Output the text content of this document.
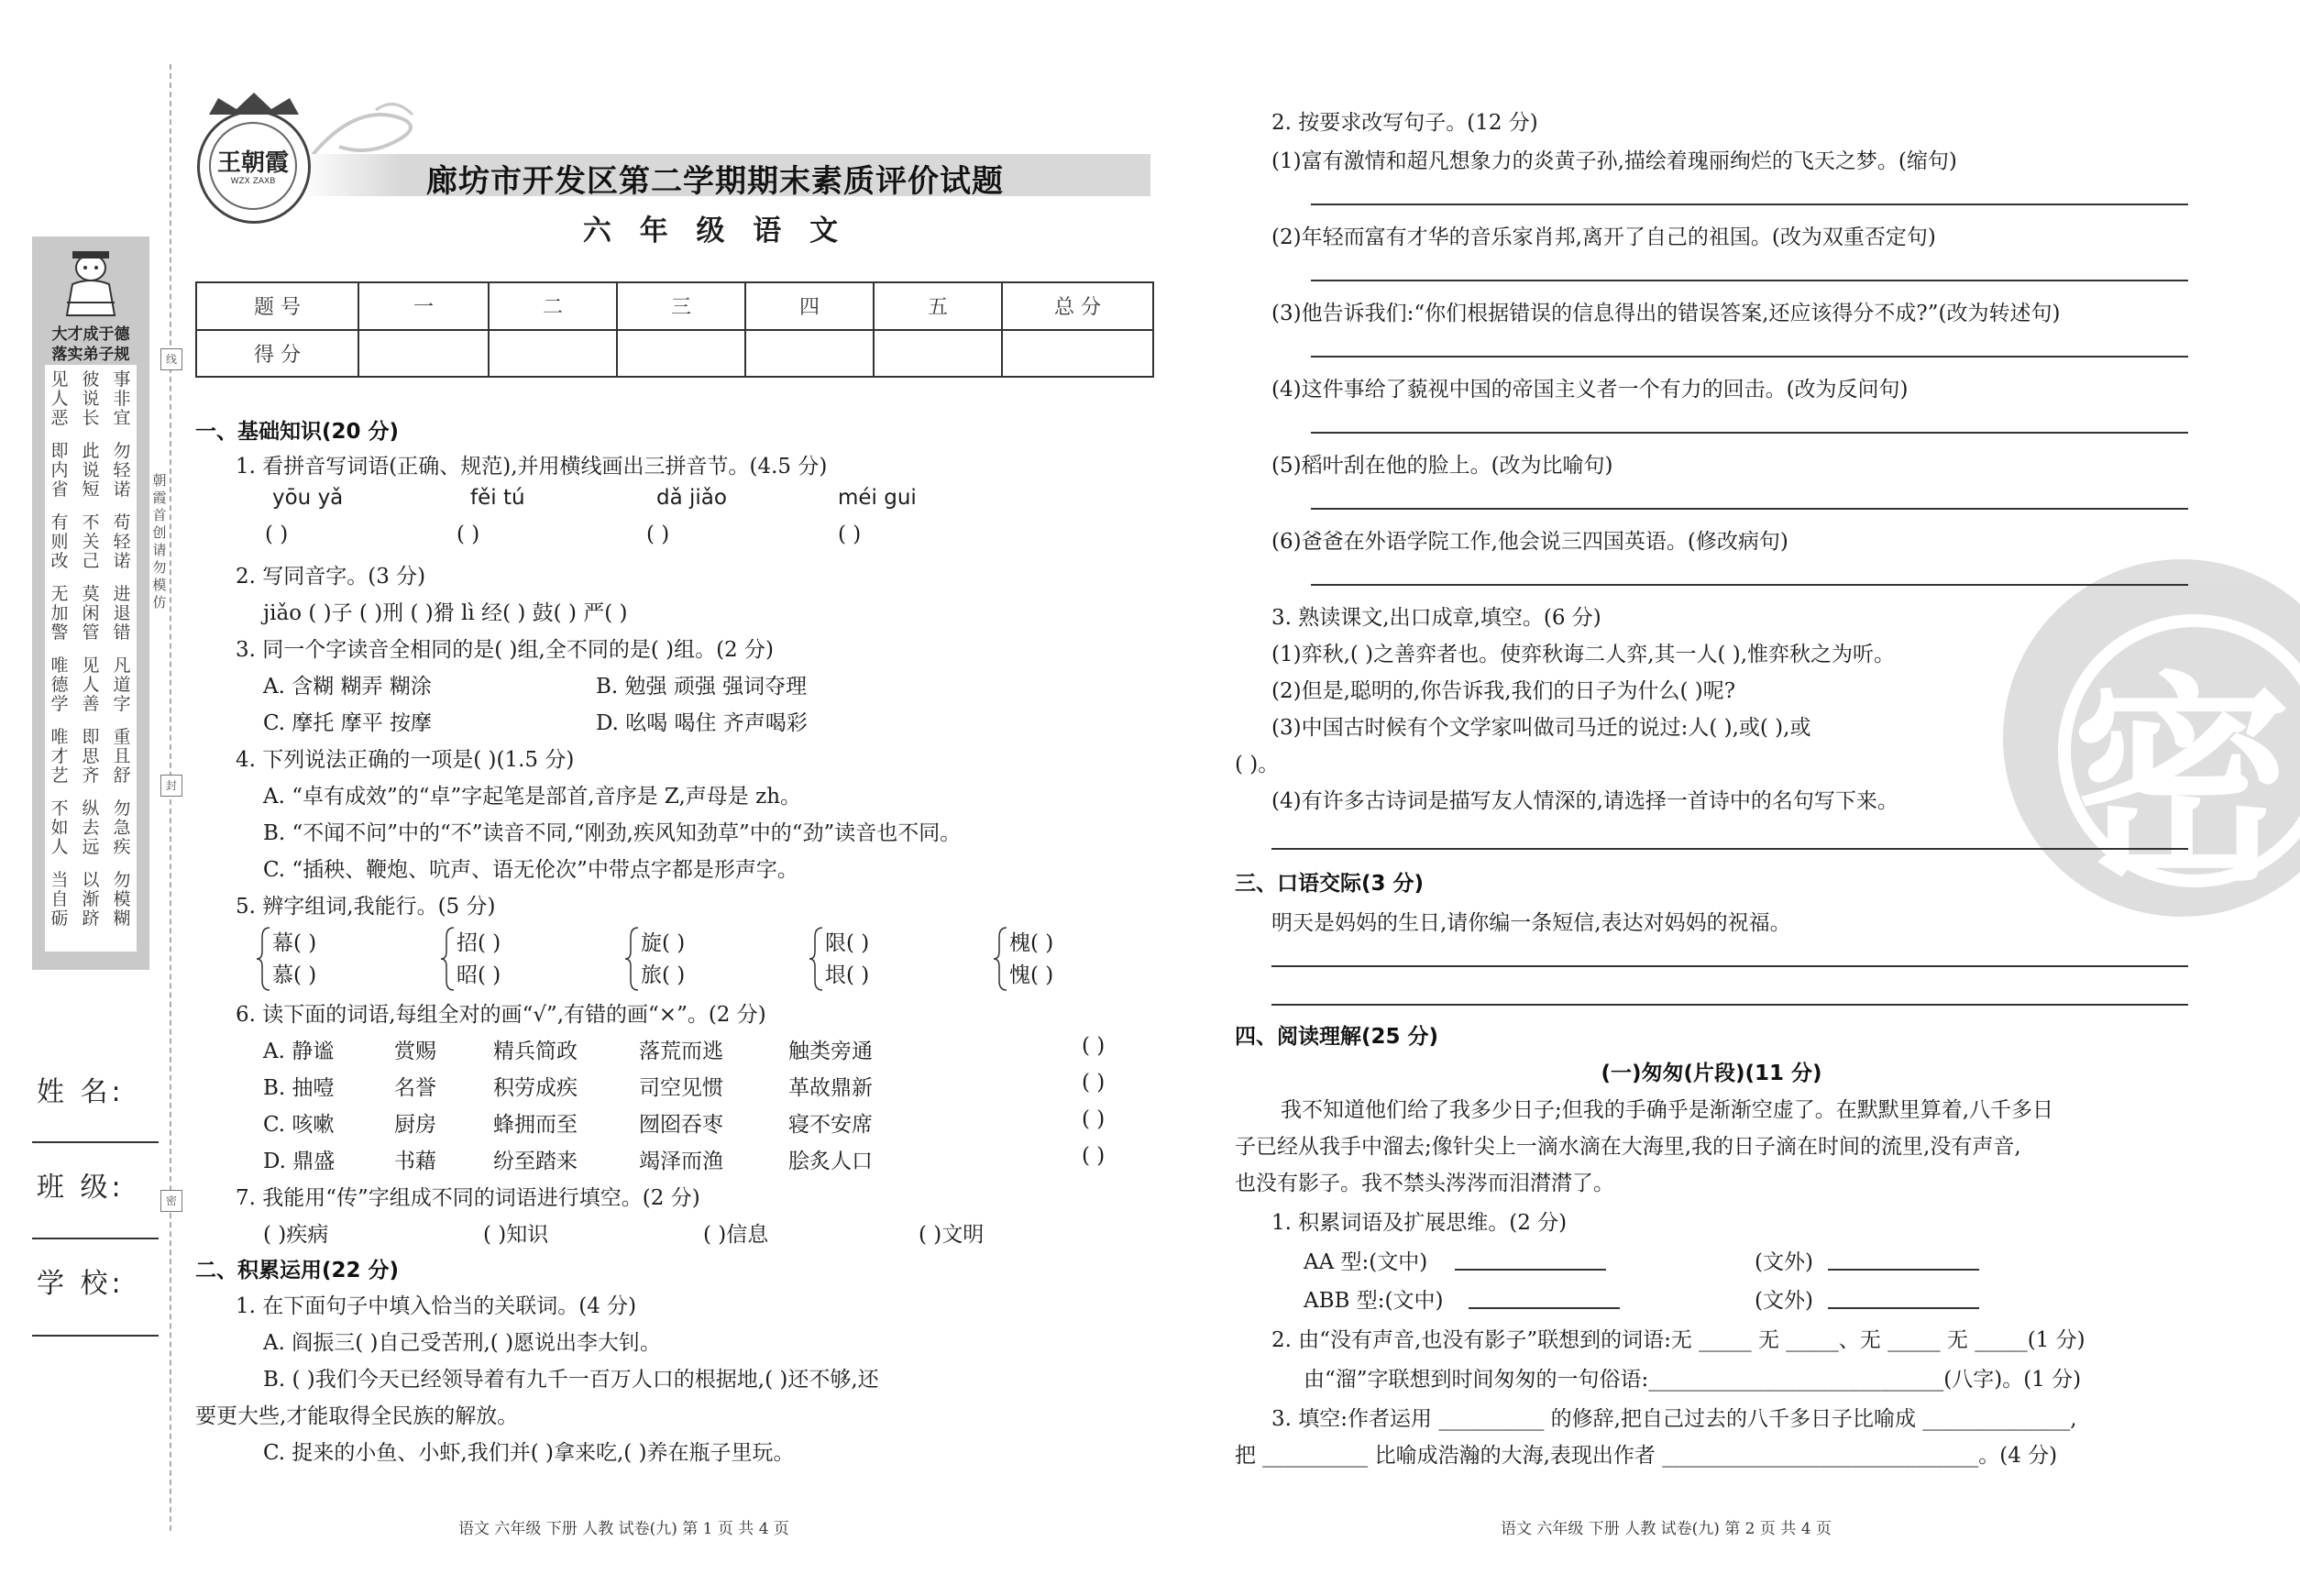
线
封
密
朝霞首创请勿模仿
大才成于德
落实弟子规
见人恶
彼说长
事非宜
即内省
此说短
勿轻诺
有则改
不关己
苟轻诺
无加警
莫闲管
进退错
唯德学
见人善
凡道字
唯才艺
即思齐
重且舒
不如人
纵去远
勿急疾
当自砺
以渐跻
勿模糊
姓 名:
班 级:
学 校:
王朝霞
WZX ZAXB	廊坊市开发区第二学期期末素质评价试题
六 年 级 语 文
题 号	一	二	三	四	五	总 分
得 分						
一、基础知识(20 分)
1. 看拼音写词语(正确、规范),并用横线画出三拼音节。(4.5 分)
yōu yǎ	fěi tú	dǎ jiǎo	méi gui
( )	( )	( )	( )
2. 写同音字。(3 分)
jiǎo ( )子 ( )刑 ( )猾 lì 经( ) 鼓( ) 严( )
3. 同一个字读音全相同的是( )组,全不同的是( )组。(2 分)
A. 含糊 糊弄 糊涂	B. 勉强 顽强 强词夺理
C. 摩托 摩平 按摩	D. 吆喝 喝住 齐声喝彩
4. 下列说法正确的一项是( )(1.5 分)
A. “卓有成效”的“卓”字起笔是部首,音序是 Z,声母是 zh。
B. “不闻不问”中的“不”读音不同,“刚劲,疾风知劲草”中的“劲”读音也不同。
C. “插秧、鞭炮、吭声、语无伦次”中带点字都是形声字。
5. 辨字组词,我能行。(5 分)
幕( )	招( )	旋( )	限( )	槐( )
慕( )	昭( )	旅( )	垠( )	愧( )
6. 读下面的词语,每组全对的画“√”,有错的画“×”。(2 分)
A. 静谧	赏赐	精兵简政	落荒而逃	触类旁通	( )
B. 抽噎	名誉	积劳成疾	司空见惯	革故鼎新	( )
C. 咳嗽	厨房	蜂拥而至	囫囵吞枣	寝不安席	( )
D. 鼎盛	书藉	纷至踏来	竭泽而渔	脍炙人口	( )
7. 我能用“传”字组成不同的词语进行填空。(2 分)
( )疾病	( )知识	( )信息	( )文明
二、积累运用(22 分)
1. 在下面句子中填入恰当的关联词。(4 分)
A. 阎振三( )自己受苦刑,( )愿说出李大钊。
B. ( )我们今天已经领导着有九千一百万人口的根据地,( )还不够,还
要更大些,才能取得全民族的解放。
C. 捉来的小鱼、小虾,我们并( )拿来吃,( )养在瓶子里玩。
语文 六年级 下册 人教 试卷(九) 第 1 页 共 4 页
密
2. 按要求改写句子。(12 分)
(1)富有激情和超凡想象力的炎黄子孙,描绘着瑰丽绚烂的飞天之梦。(缩句)
(2)年轻而富有才华的音乐家肖邦,离开了自己的祖国。(改为双重否定句)
(3)他告诉我们:“你们根据错误的信息得出的错误答案,还应该得分不成?”(改为转述句)
(4)这件事给了藐视中国的帝国主义者一个有力的回击。(改为反问句)
(5)稻叶刮在他的脸上。(改为比喻句)
(6)爸爸在外语学院工作,他会说三四国英语。(修改病句)
3. 熟读课文,出口成章,填空。(6 分)
(1)弈秋,( )之善弈者也。使弈秋诲二人弈,其一人( ),惟弈秋之为听。
(2)但是,聪明的,你告诉我,我们的日子为什么( )呢?
(3)中国古时候有个文学家叫做司马迁的说过:人( ),或( ),或
( )。
(4)有许多古诗词是描写友人情深的,请选择一首诗中的名句写下来。
三、口语交际(3 分)
明天是妈妈的生日,请你编一条短信,表达对妈妈的祝福。
四、阅读理解(25 分)
(一)匆匆(片段)(11 分)
我不知道他们给了我多少日子;但我的手确乎是渐渐空虚了。在默默里算着,八千多日
子已经从我手中溜去;像针尖上一滴水滴在大海里,我的日子滴在时间的流里,没有声音,
也没有影子。我不禁头涔涔而泪潸潸了。
1. 积累词语及扩展思维。(2 分)
AA 型:(文中)	(文外)
ABB 型:(文中)	(文外)
2. 由“没有声音,也没有影子”联想到的词语:无 _____ 无 _____、无 _____ 无 _____(1 分)
由“溜”字联想到时间匆匆的一句俗语:____________________________(八字)。(1 分)
3. 填空:作者运用 __________ 的修辞,把自己过去的八千多日子比喻成 ______________,
把 __________ 比喻成浩瀚的大海,表现出作者 ______________________________。(4 分)
语文 六年级 下册 人教 试卷(九) 第 2 页 共 4 页
